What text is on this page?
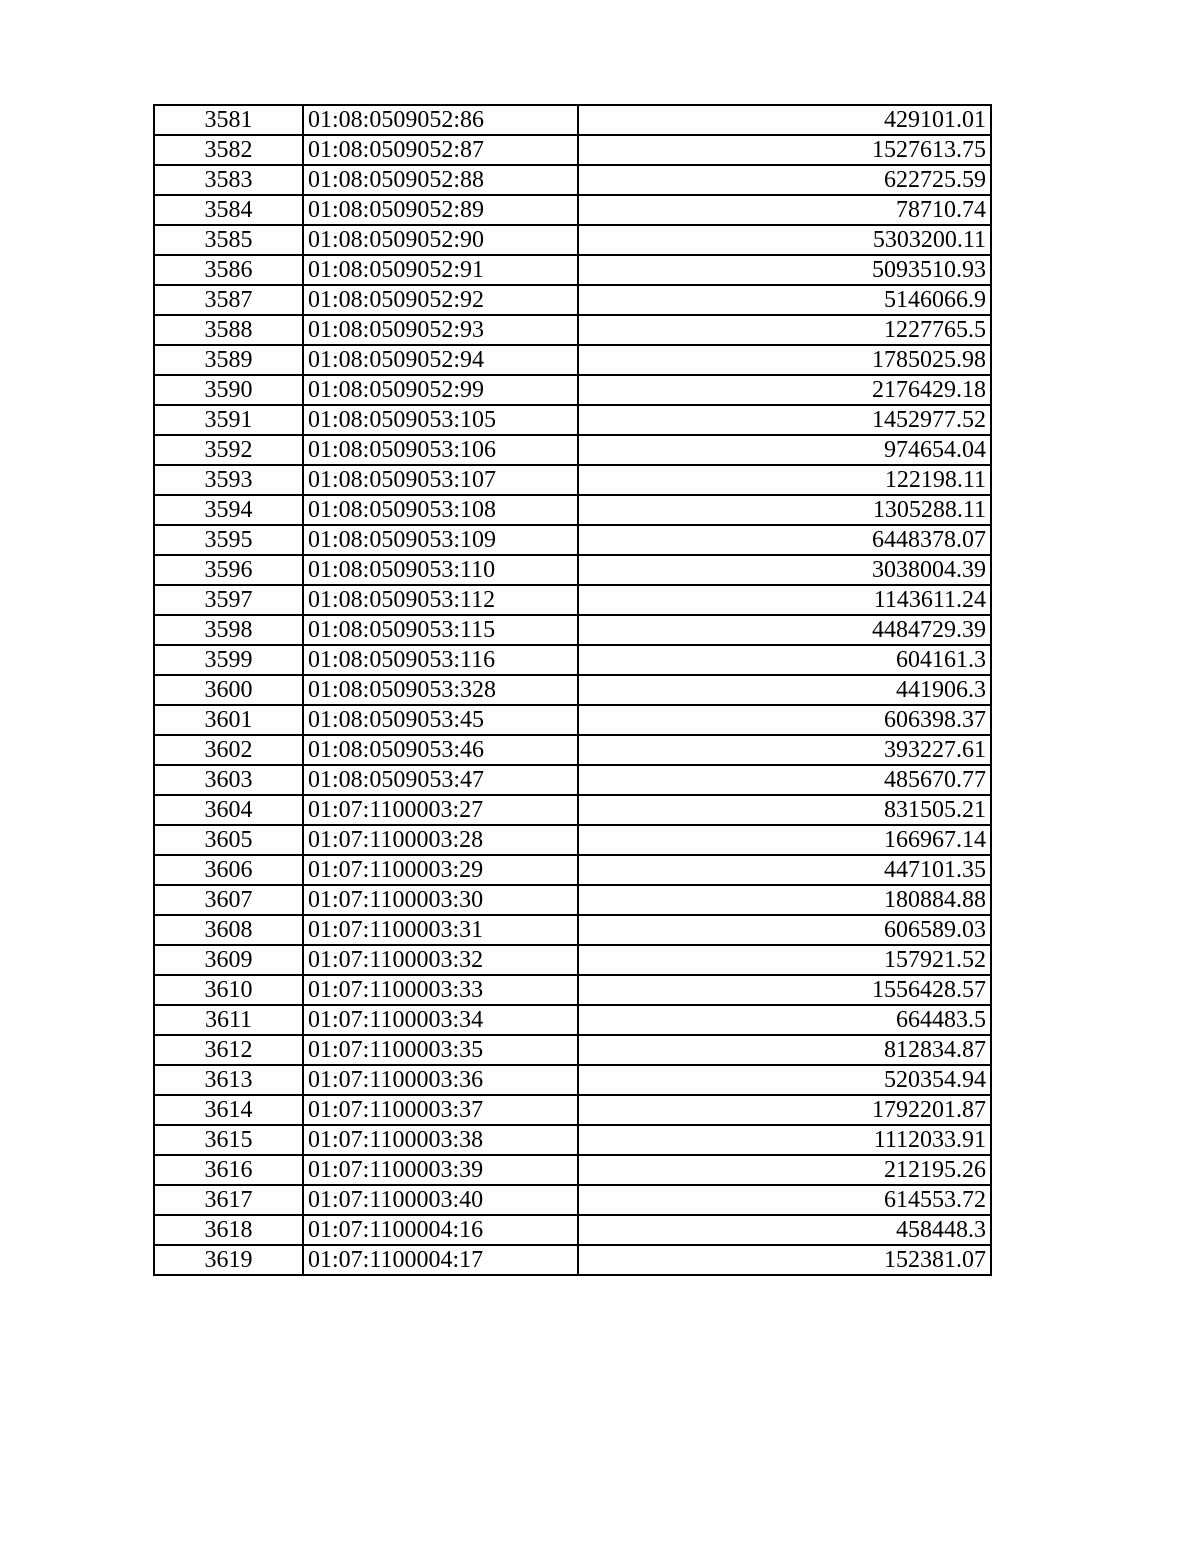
3581	01:08:0509052:86	429101.01
3582	01:08:0509052:87	1527613.75
3583	01:08:0509052:88	622725.59
3584	01:08:0509052:89	78710.74
3585	01:08:0509052:90	5303200.11
3586	01:08:0509052:91	5093510.93
3587	01:08:0509052:92	5146066.9
3588	01:08:0509052:93	1227765.5
3589	01:08:0509052:94	1785025.98
3590	01:08:0509052:99	2176429.18
3591	01:08:0509053:105	1452977.52
3592	01:08:0509053:106	974654.04
3593	01:08:0509053:107	122198.11
3594	01:08:0509053:108	1305288.11
3595	01:08:0509053:109	6448378.07
3596	01:08:0509053:110	3038004.39
3597	01:08:0509053:112	1143611.24
3598	01:08:0509053:115	4484729.39
3599	01:08:0509053:116	604161.3
3600	01:08:0509053:328	441906.3
3601	01:08:0509053:45	606398.37
3602	01:08:0509053:46	393227.61
3603	01:08:0509053:47	485670.77
3604	01:07:1100003:27	831505.21
3605	01:07:1100003:28	166967.14
3606	01:07:1100003:29	447101.35
3607	01:07:1100003:30	180884.88
3608	01:07:1100003:31	606589.03
3609	01:07:1100003:32	157921.52
3610	01:07:1100003:33	1556428.57
3611	01:07:1100003:34	664483.5
3612	01:07:1100003:35	812834.87
3613	01:07:1100003:36	520354.94
3614	01:07:1100003:37	1792201.87
3615	01:07:1100003:38	1112033.91
3616	01:07:1100003:39	212195.26
3617	01:07:1100003:40	614553.72
3618	01:07:1100004:16	458448.3
3619	01:07:1100004:17	152381.07
